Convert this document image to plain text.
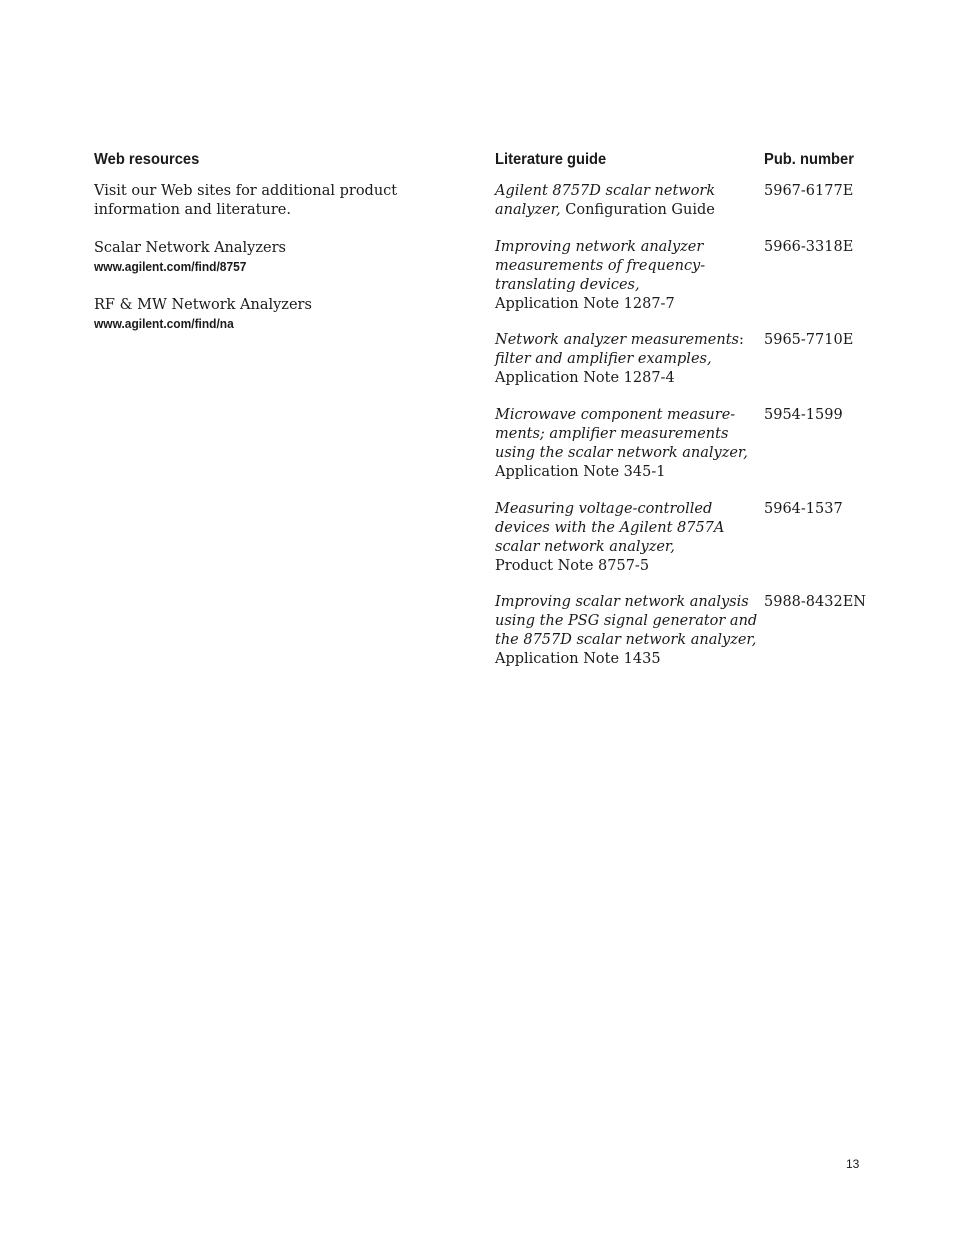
Web resources
Visit our Web sites for additional product
information and literature.
Scalar Network Analyzers
www.agilent.com/find/8757
RF & MW Network Analyzers
www.agilent.com/find/na
Literature guide	Pub. number
Agilent 8757D scalar network
analyzer, Configuration Guide
5967-6177E
Improving network analyzer
measurements of frequency-
translating devices,
Application Note 1287-7
5966-3318E
Network analyzer measurements:
filter and amplifier examples,
Application Note 1287-4
5965-7710E
Microwave component measure-
ments; amplifier measurements
using the scalar network analyzer,
Application Note 345-1
5954-1599
Measuring voltage-controlled
devices with the Agilent 8757A
scalar network analyzer,
Product Note 8757-5
5964-1537
Improving scalar network analysis
using the PSG signal generator and
the 8757D scalar network analyzer,
Application Note 1435
5988-8432EN
13
